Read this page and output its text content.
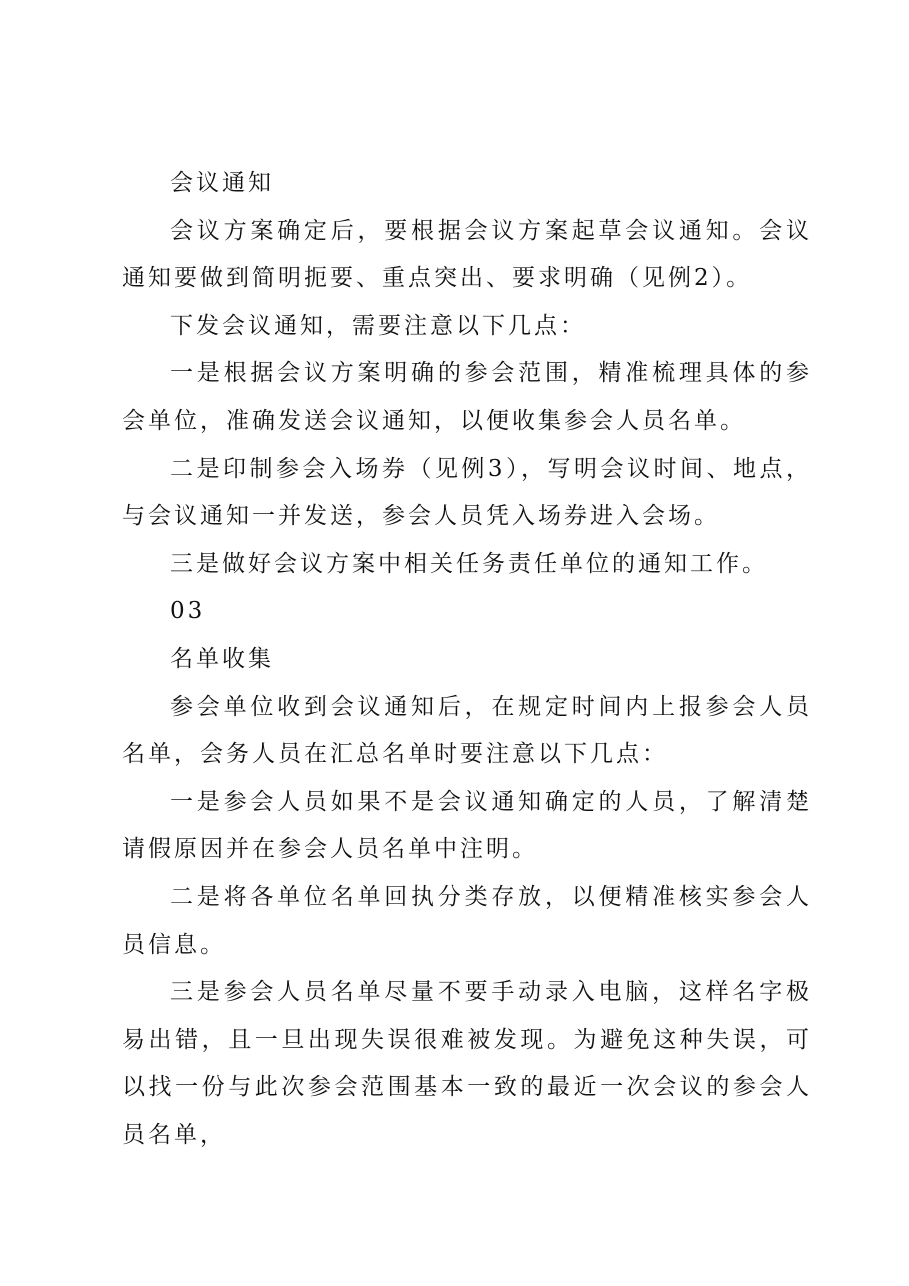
会议通知

会议方案确定后，要根据会议方案起草会议通知。会议通知要做到简明扼要、重点突出、要求明确（见例2）。

下发会议通知，需要注意以下几点：

一是根据会议方案明确的参会范围，精准梳理具体的参会单位，准确发送会议通知，以便收集参会人员名单。

二是印制参会入场券（见例3），写明会议时间、地点，与会议通知一并发送，参会人员凭入场券进入会场。

三是做好会议方案中相关任务责任单位的通知工作。

03

名单收集

参会单位收到会议通知后，在规定时间内上报参会人员名单，会务人员在汇总名单时要注意以下几点：

一是参会人员如果不是会议通知确定的人员，了解清楚请假原因并在参会人员名单中注明。

二是将各单位名单回执分类存放，以便精准核实参会人员信息。

三是参会人员名单尽量不要手动录入电脑，这样名字极易出错，且一旦出现失误很难被发现。为避免这种失误，可以找一份与此次参会范围基本一致的最近一次会议的参会人员名单，
